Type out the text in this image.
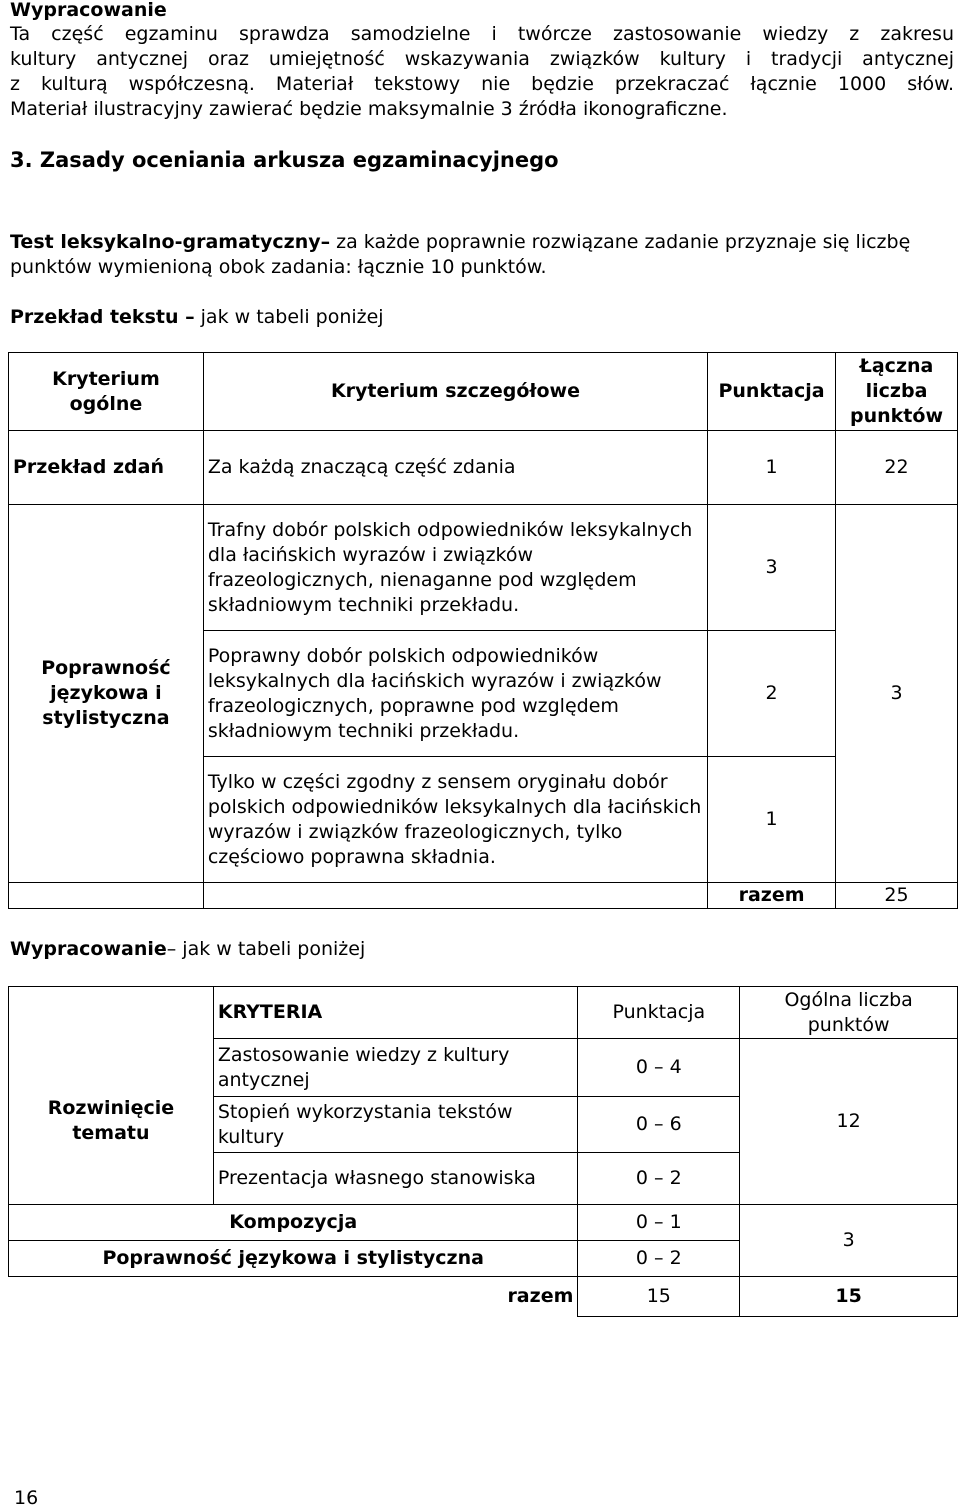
Wypracowanie
Ta część egzaminu sprawdza samodzielne i twórcze zastosowanie wiedzy z zakresu
kultury antycznej oraz umiejętność wskazywania związków kultury i tradycji antycznej
z kulturą współczesną. Materiał tekstowy nie będzie przekraczać łącznie 1000 słów.
Materiał ilustracyjny zawierać będzie maksymalnie 3 źródła ikonograficzne.
3. Zasady oceniania arkusza egzaminacyjnego
Test leksykalno-gramatyczny– za każde poprawnie rozwiązane zadanie przyznaje się liczbę punktów wymienioną obok zadania: łącznie 10 punktów.
Przekład tekstu – jak w tabeli poniżej
Kryterium ogólne	Kryterium szczegółowe	Punktacja	Łączna liczba punktów
Przekład zdań	Za każdą znaczącą część zdania	1	22
Poprawność językowa i stylistyczna	Trafny dobór polskich odpowiedników leksykalnych dla łacińskich wyrazów i związków frazeologicznych, nienaganne pod względem składniowym techniki przekładu.	3	3
	Poprawny dobór polskich odpowiedników leksykalnych dla łacińskich wyrazów i związków frazeologicznych, poprawne pod względem składniowym techniki przekładu.	2	
	Tylko w części zgodny z sensem oryginału dobór polskich odpowiedników leksykalnych dla łacińskich wyrazów i związków frazeologicznych, tylko częściowo poprawna składnia.	1	
		razem	25
Wypracowanie– jak w tabeli poniżej
	KRYTERIA	Punktacja	Ogólna liczba punktów
Rozwinięcie tematu	Zastosowanie wiedzy z kultury antycznej	0 – 4	12
	Stopień wykorzystania tekstów kultury	0 – 6	
	Prezentacja własnego stanowiska	0 – 2	
Kompozycja		0 – 1	3
Poprawność językowa i stylistyczna		0 – 2	
	razem	15	15
16
